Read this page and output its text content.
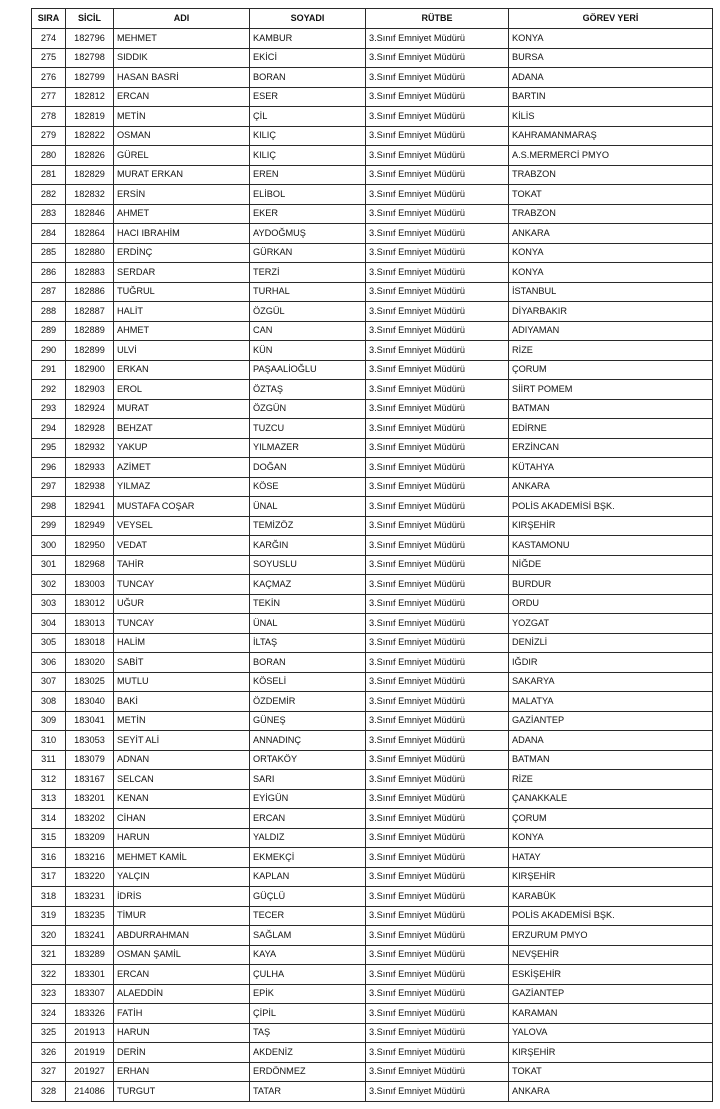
SIRA	SİCİL	ADI	SOYADI	RÜTBE	GÖREV YERİ
274	182796	MEHMET	KAMBUR	3.Sınıf Emniyet Müdürü	KONYA
275	182798	SIDDIK	EKİCİ	3.Sınıf Emniyet Müdürü	BURSA
276	182799	HASAN BASRİ	BORAN	3.Sınıf Emniyet Müdürü	ADANA
277	182812	ERCAN	ESER	3.Sınıf Emniyet Müdürü	BARTIN
278	182819	METİN	ÇİL	3.Sınıf Emniyet Müdürü	KİLİS
279	182822	OSMAN	KILIÇ	3.Sınıf Emniyet Müdürü	KAHRAMANMARAŞ
280	182826	GÜREL	KILIÇ	3.Sınıf Emniyet Müdürü	A.S.MERMERCİ PMYO
281	182829	MURAT ERKAN	EREN	3.Sınıf Emniyet Müdürü	TRABZON
282	182832	ERSİN	ELİBOL	3.Sınıf Emniyet Müdürü	TOKAT
283	182846	AHMET	EKER	3.Sınıf Emniyet Müdürü	TRABZON
284	182864	HACI IBRAHİM	AYDOĞMUŞ	3.Sınıf Emniyet Müdürü	ANKARA
285	182880	ERDİNÇ	GÜRKAN	3.Sınıf Emniyet Müdürü	KONYA
286	182883	SERDAR	TERZİ	3.Sınıf Emniyet Müdürü	KONYA
287	182886	TUĞRUL	TURHAL	3.Sınıf Emniyet Müdürü	İSTANBUL
288	182887	HALİT	ÖZGÜL	3.Sınıf Emniyet Müdürü	DİYARBAKIR
289	182889	AHMET	CAN	3.Sınıf Emniyet Müdürü	ADIYAMAN
290	182899	ULVİ	KÜN	3.Sınıf Emniyet Müdürü	RİZE
291	182900	ERKAN	PAŞAALİOĞLU	3.Sınıf Emniyet Müdürü	ÇORUM
292	182903	EROL	ÖZTAŞ	3.Sınıf Emniyet Müdürü	SİİRT POMEM
293	182924	MURAT	ÖZGÜN	3.Sınıf Emniyet Müdürü	BATMAN
294	182928	BEHZAT	TUZCU	3.Sınıf Emniyet Müdürü	EDİRNE
295	182932	YAKUP	YILMAZER	3.Sınıf Emniyet Müdürü	ERZİNCAN
296	182933	AZİMET	DOĞAN	3.Sınıf Emniyet Müdürü	KÜTAHYA
297	182938	YILMAZ	KÖSE	3.Sınıf Emniyet Müdürü	ANKARA
298	182941	MUSTAFA COŞAR	ÜNAL	3.Sınıf Emniyet Müdürü	POLİS AKADEMİSİ BŞK.
299	182949	VEYSEL	TEMİZÖZ	3.Sınıf Emniyet Müdürü	KIRŞEHİR
300	182950	VEDAT	KARĞIN	3.Sınıf Emniyet Müdürü	KASTAMONU
301	182968	TAHİR	SOYUSLU	3.Sınıf Emniyet Müdürü	NİĞDE
302	183003	TUNCAY	KAÇMAZ	3.Sınıf Emniyet Müdürü	BURDUR
303	183012	UĞUR	TEKİN	3.Sınıf Emniyet Müdürü	ORDU
304	183013	TUNCAY	ÜNAL	3.Sınıf Emniyet Müdürü	YOZGAT
305	183018	HALİM	İLTAŞ	3.Sınıf Emniyet Müdürü	DENİZLİ
306	183020	SABİT	BORAN	3.Sınıf Emniyet Müdürü	IĞDIR
307	183025	MUTLU	KÖSELİ	3.Sınıf Emniyet Müdürü	SAKARYA
308	183040	BAKİ	ÖZDEMİR	3.Sınıf Emniyet Müdürü	MALATYA
309	183041	METİN	GÜNEŞ	3.Sınıf Emniyet Müdürü	GAZİANTEP
310	183053	SEYİT ALİ	ANNADINÇ	3.Sınıf Emniyet Müdürü	ADANA
311	183079	ADNAN	ORTAKÖY	3.Sınıf Emniyet Müdürü	BATMAN
312	183167	SELCAN	SARI	3.Sınıf Emniyet Müdürü	RİZE
313	183201	KENAN	EYİGÜN	3.Sınıf Emniyet Müdürü	ÇANAKKALE
314	183202	CİHAN	ERCAN	3.Sınıf Emniyet Müdürü	ÇORUM
315	183209	HARUN	YALDIZ	3.Sınıf Emniyet Müdürü	KONYA
316	183216	MEHMET KAMİL	EKMEKÇİ	3.Sınıf Emniyet Müdürü	HATAY
317	183220	YALÇIN	KAPLAN	3.Sınıf Emniyet Müdürü	KIRŞEHİR
318	183231	İDRİS	GÜÇLÜ	3.Sınıf Emniyet Müdürü	KARABÜK
319	183235	TİMUR	TECER	3.Sınıf Emniyet Müdürü	POLİS AKADEMİSİ BŞK.
320	183241	ABDURRAHMAN	SAĞLAM	3.Sınıf Emniyet Müdürü	ERZURUM PMYO
321	183289	OSMAN ŞAMİL	KAYA	3.Sınıf Emniyet Müdürü	NEVŞEHİR
322	183301	ERCAN	ÇULHA	3.Sınıf Emniyet Müdürü	ESKİŞEHİR
323	183307	ALAEDDİN	EPİK	3.Sınıf Emniyet Müdürü	GAZİANTEP
324	183326	FATİH	ÇİPİL	3.Sınıf Emniyet Müdürü	KARAMAN
325	201913	HARUN	TAŞ	3.Sınıf Emniyet Müdürü	YALOVA
326	201919	DERİN	AKDENİZ	3.Sınıf Emniyet Müdürü	KIRŞEHİR
327	201927	ERHAN	ERDÖNMEZ	3.Sınıf Emniyet Müdürü	TOKAT
328	214086	TURGUT	TATAR	3.Sınıf Emniyet Müdürü	ANKARA
